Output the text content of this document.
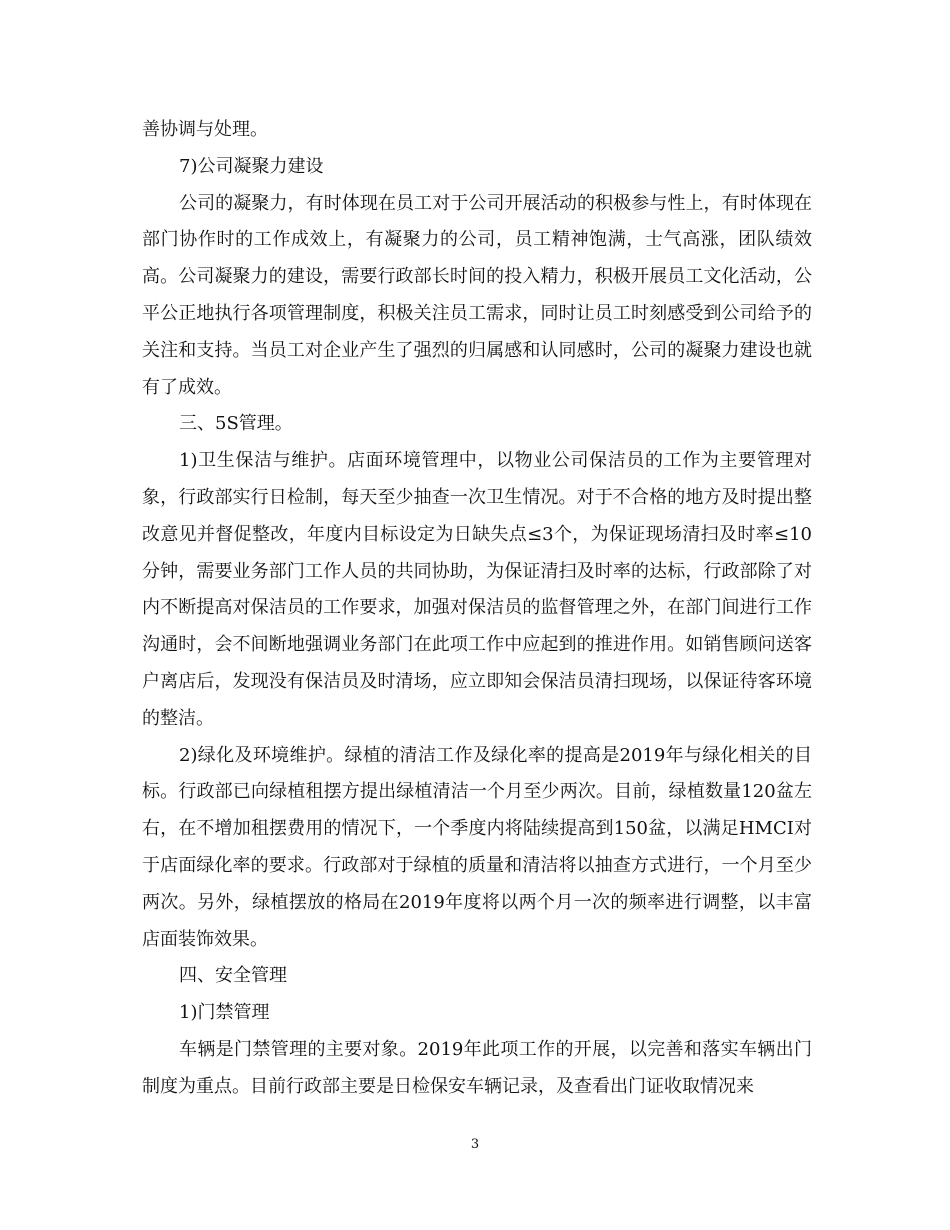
善协调与处理。

7)公司凝聚力建设

公司的凝聚力，有时体现在员工对于公司开展活动的积极参与性上，有时体现在部门协作时的工作成效上，有凝聚力的公司，员工精神饱满，士气高涨，团队绩效高。公司凝聚力的建设，需要行政部长时间的投入精力，积极开展员工文化活动，公平公正地执行各项管理制度，积极关注员工需求，同时让员工时刻感受到公司给予的关注和支持。当员工对企业产生了强烈的归属感和认同感时，公司的凝聚力建设也就有了成效。

三、5S管理。

1)卫生保洁与维护。店面环境管理中，以物业公司保洁员的工作为主要管理对象，行政部实行日检制，每天至少抽查一次卫生情况。对于不合格的地方及时提出整改意见并督促整改，年度内目标设定为日缺失点≤3个，为保证现场清扫及时率≤10分钟，需要业务部门工作人员的共同协助，为保证清扫及时率的达标，行政部除了对内不断提高对保洁员的工作要求，加强对保洁员的监督管理之外，在部门间进行工作沟通时，会不间断地强调业务部门在此项工作中应起到的推进作用。如销售顾问送客户离店后，发现没有保洁员及时清场，应立即知会保洁员清扫现场，以保证待客环境的整洁。

2)绿化及环境维护。绿植的清洁工作及绿化率的提高是2019年与绿化相关的目标。行政部已向绿植租摆方提出绿植清洁一个月至少两次。目前，绿植数量120盆左右，在不增加租摆费用的情况下，一个季度内将陆续提高到150盆，以满足HMCI对于店面绿化率的要求。行政部对于绿植的质量和清洁将以抽查方式进行，一个月至少两次。另外，绿植摆放的格局在2019年度将以两个月一次的频率进行调整，以丰富店面装饰效果。

四、安全管理

1)门禁管理

车辆是门禁管理的主要对象。2019年此项工作的开展，以完善和落实车辆出门制度为重点。目前行政部主要是日检保安车辆记录，及查看出门证收取情况来

3
